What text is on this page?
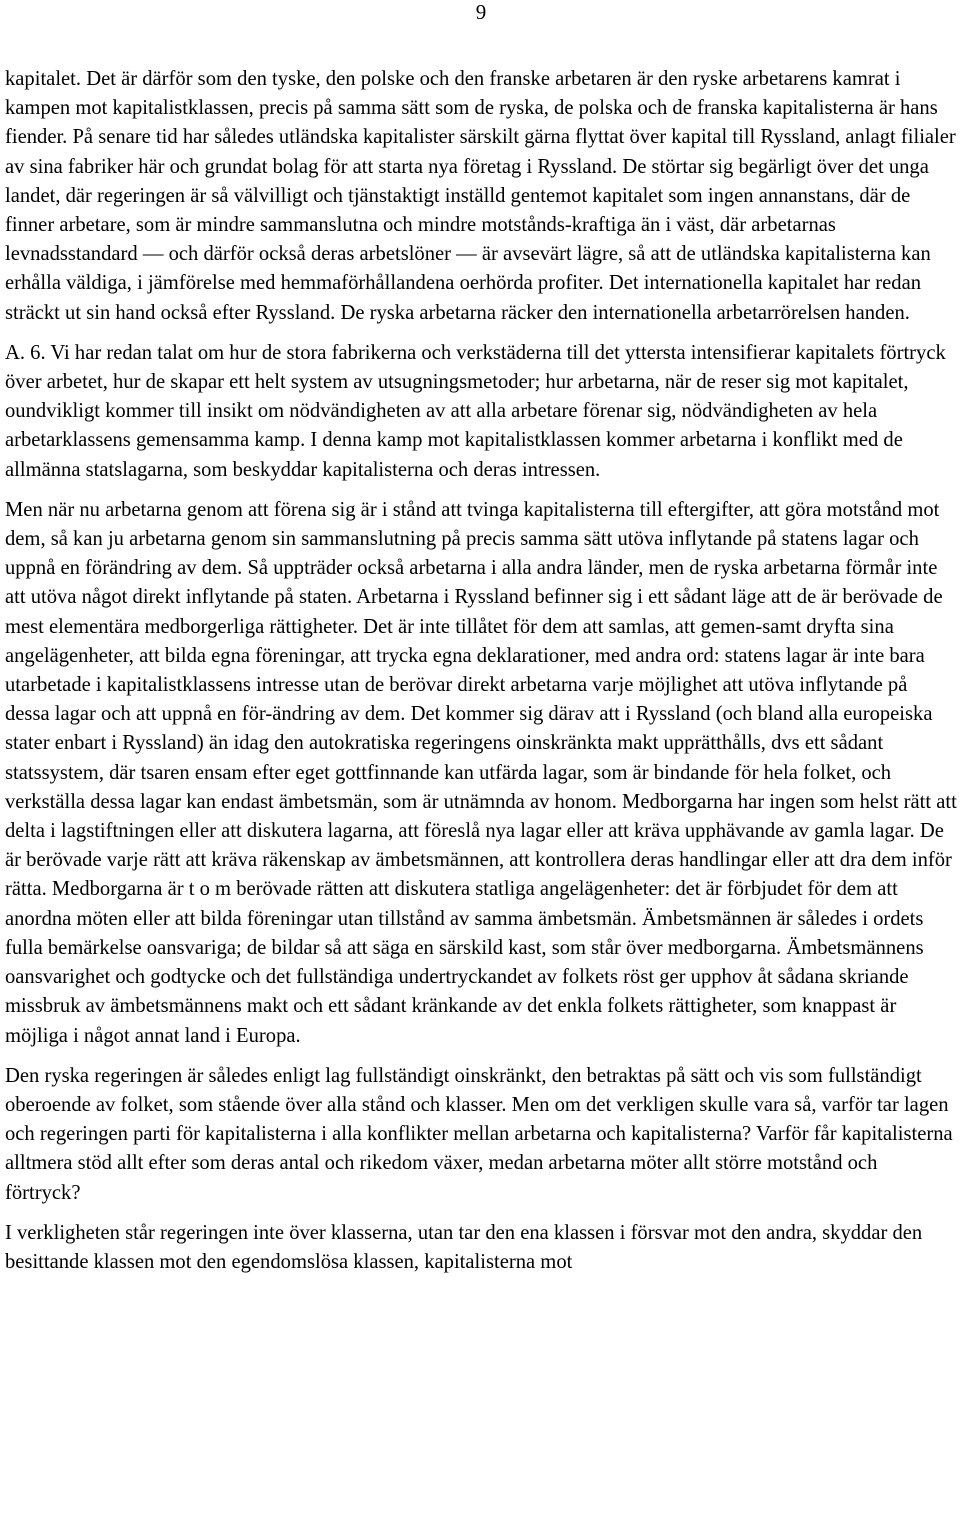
9

kapitalet. Det är därför som den tyske, den polske och den franske arbetaren är den ryske arbetarens kamrat i kampen mot kapitalistklassen, precis på samma sätt som de ryska, de polska och de franska kapitalisterna är hans fiender. På senare tid har således utländska kapitalister särskilt gärna flyttat över kapital till Ryssland, anlagt filialer av sina fabriker här och grundat bolag för att starta nya företag i Ryssland. De störtar sig begärligt över det unga landet, där regeringen är så välvilligt och tjänstaktigt inställd gentemot kapitalet som ingen annanstans, där de finner arbetare, som är mindre sammanslutna och mindre motstånds-kraftiga än i väst, där arbetarnas levnadsstandard — och därför också deras arbetslöner — är avsevärt lägre, så att de utländska kapitalisterna kan erhålla väldiga, i jämförelse med hemmaförhållandena oerhörda profiter. Det internationella kapitalet har redan sträckt ut sin hand också efter Ryssland. De ryska arbetarna räcker den internationella arbetarrörelsen handen.

A. 6. Vi har redan talat om hur de stora fabrikerna och verkstäderna till det yttersta intensifierar kapitalets förtryck över arbetet, hur de skapar ett helt system av utsugningsmetoder; hur arbetarna, när de reser sig mot kapitalet, oundvikligt kommer till insikt om nödvändigheten av att alla arbetare förenar sig, nödvändigheten av hela arbetarklassens gemensamma kamp. I denna kamp mot kapitalistklassen kommer arbetarna i konflikt med de allmänna statslagarna, som beskyddar kapitalisterna och deras intressen.

Men när nu arbetarna genom att förena sig är i stånd att tvinga kapitalisterna till eftergifter, att göra motstånd mot dem, så kan ju arbetarna genom sin sammanslutning på precis samma sätt utöva inflytande på statens lagar och uppnå en förändring av dem. Så uppträder också arbetarna i alla andra länder, men de ryska arbetarna förmår inte att utöva något direkt inflytande på staten. Arbetarna i Ryssland befinner sig i ett sådant läge att de är berövade de mest elementära medborgerliga rättigheter. Det är inte tillåtet för dem att samlas, att gemen-samt dryfta sina angelägenheter, att bilda egna föreningar, att trycka egna deklarationer, med andra ord: statens lagar är inte bara utarbetade i kapitalistklassens intresse utan de berövar direkt arbetarna varje möjlighet att utöva inflytande på dessa lagar och att uppnå en för-ändring av dem. Det kommer sig därav att i Ryssland (och bland alla europeiska stater enbart i Ryssland) än idag den autokratiska regeringens oinskränkta makt upprätthålls, dvs ett sådant statssystem, där tsaren ensam efter eget gottfinnande kan utfärda lagar, som är bindande för hela folket, och verkställa dessa lagar kan endast ämbetsmän, som är utnämnda av honom. Medborgarna har ingen som helst rätt att delta i lagstiftningen eller att diskutera lagarna, att föreslå nya lagar eller att kräva upphävande av gamla lagar. De är berövade varje rätt att kräva räkenskap av ämbetsmännen, att kontrollera deras handlingar eller att dra dem inför rätta. Medborgarna är t o m berövade rätten att diskutera statliga angelägenheter: det är förbjudet för dem att anordna möten eller att bilda föreningar utan tillstånd av samma ämbetsmän. Ämbetsmännen är således i ordets fulla bemärkelse oansvariga; de bildar så att säga en särskild kast, som står över medborgarna. Ämbetsmännens oansvarighet och godtycke och det fullständiga undertryckandet av folkets röst ger upphov åt sådana skriande missbruk av ämbetsmännens makt och ett sådant kränkande av det enkla folkets rättigheter, som knappast är möjliga i något annat land i Europa.

Den ryska regeringen är således enligt lag fullständigt oinskränkt, den betraktas på sätt och vis som fullständigt oberoende av folket, som stående över alla stånd och klasser. Men om det verkligen skulle vara så, varför tar lagen och regeringen parti för kapitalisterna i alla konflikter mellan arbetarna och kapitalisterna? Varför får kapitalisterna alltmera stöd allt efter som deras antal och rikedom växer, medan arbetarna möter allt större motstånd och förtryck?

I verkligheten står regeringen inte över klasserna, utan tar den ena klassen i försvar mot den andra, skyddar den besittande klassen mot den egendomslösa klassen, kapitalisterna mot
